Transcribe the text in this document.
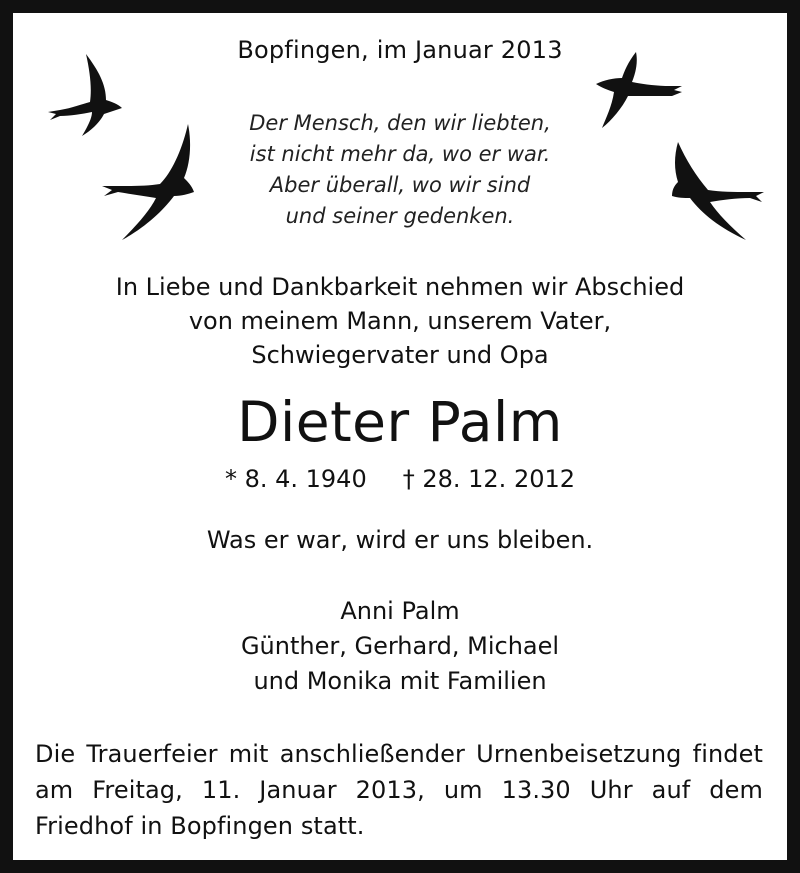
Bopfingen, im Januar 2013
Der Mensch, den wir liebten,
ist nicht mehr da, wo er war.
Aber überall, wo wir sind
und seiner gedenken.
In Liebe und Dankbarkeit nehmen wir Abschied
von meinem Mann, unserem Vater,
Schwiegervater und Opa
Dieter Palm
* 8. 4. 1940 † 28. 12. 2012
Was er war, wird er uns bleiben.
Anni Palm
Günther, Gerhard, Michael
und Monika mit Familien
Die Trauerfeier mit anschließender Urnenbeisetzung findet am Freitag, 11. Januar 2013, um 13.30 Uhr auf dem Friedhof in Bopfingen statt.
